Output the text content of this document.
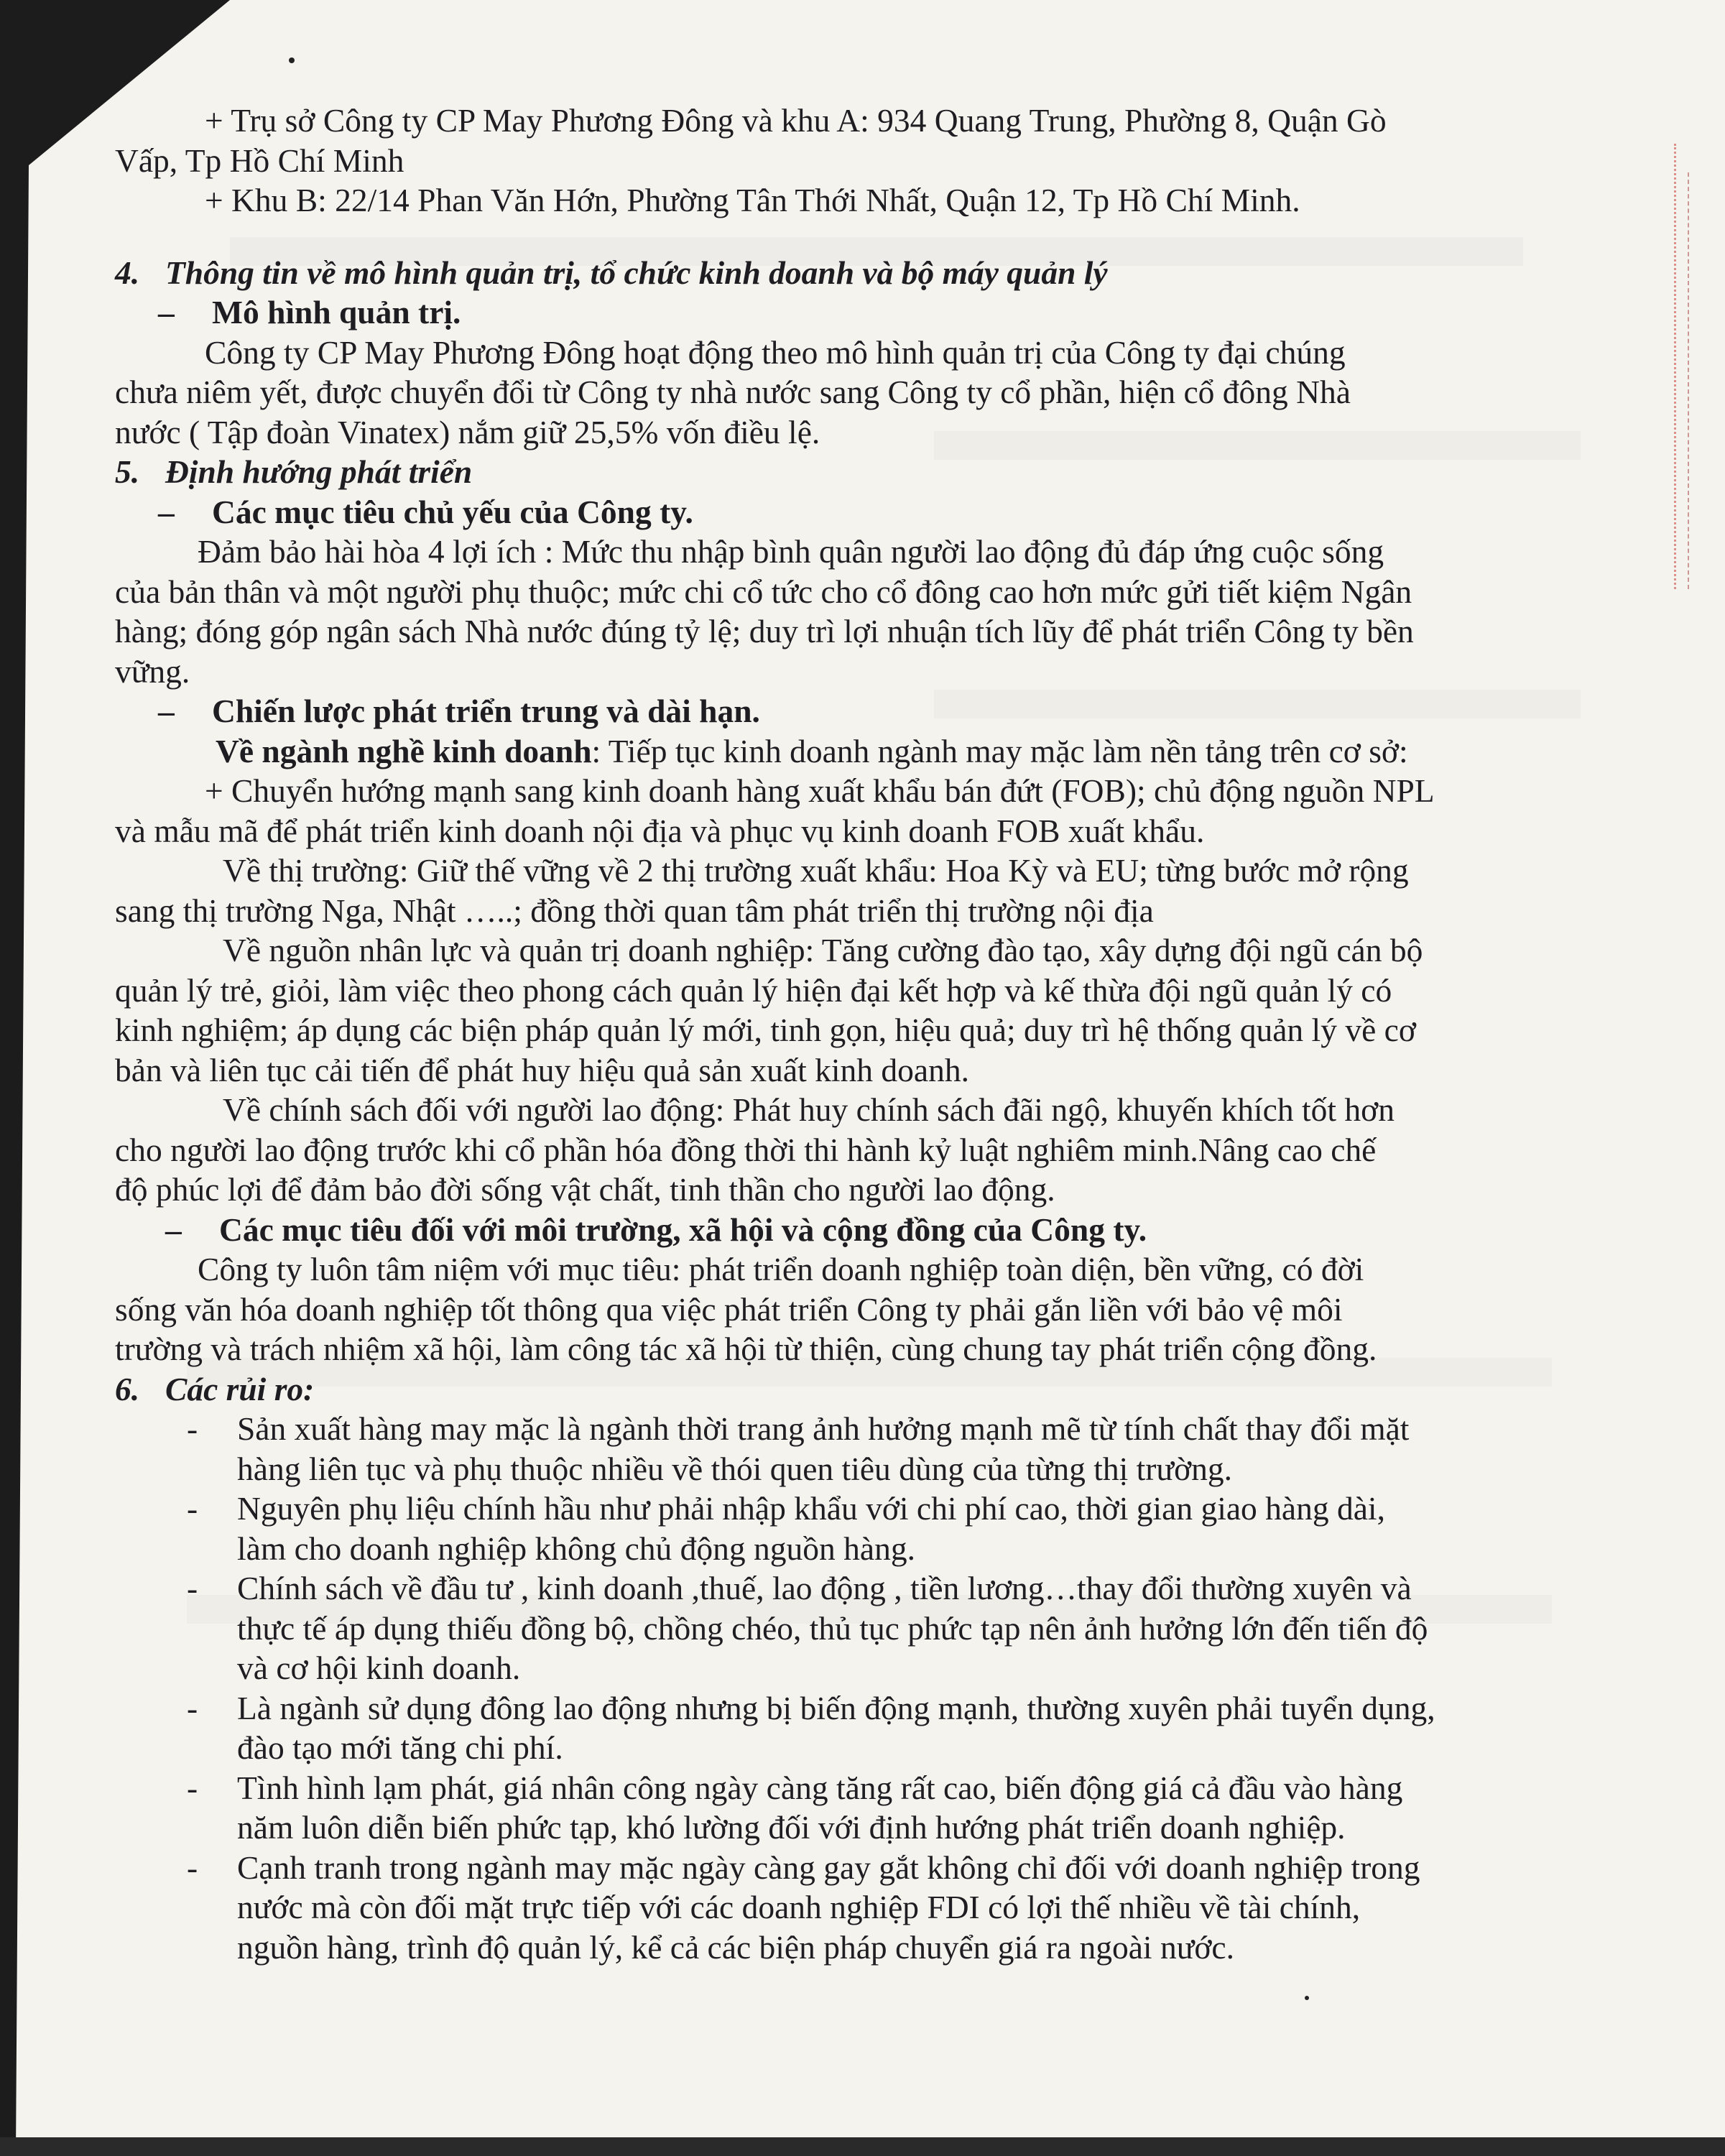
+ Trụ sở Công ty CP May Phương Đông và khu A: 934 Quang Trung, Phường 8, Quận Gò
Vấp, Tp Hồ Chí Minh
+ Khu B: 22/14 Phan Văn Hớn, Phường Tân Thới Nhất, Quận 12, Tp Hồ Chí Minh.
4. Thông tin về mô hình quản trị, tổ chức kinh doanh và bộ máy quản lý
– Mô hình quản trị.
Công ty CP May Phương Đông hoạt động theo mô hình quản trị của Công ty đại chúng
chưa niêm yết, được chuyển đổi từ Công ty nhà nước sang Công ty cổ phần, hiện cổ đông Nhà
nước ( Tập đoàn Vinatex) nắm giữ 25,5% vốn điều lệ.
5. Định hướng phát triển
– Các mục tiêu chủ yếu của Công ty.
Đảm bảo hài hòa 4 lợi ích : Mức thu nhập bình quân người lao động đủ đáp ứng cuộc sống
của bản thân và một người phụ thuộc; mức chi cổ tức cho cổ đông cao hơn mức gửi tiết kiệm Ngân
hàng; đóng góp ngân sách Nhà nước đúng tỷ lệ; duy trì lợi nhuận tích lũy để phát triển Công ty bền
vững.
– Chiến lược phát triển trung và dài hạn.
Về ngành nghề kinh doanh: Tiếp tục kinh doanh ngành may mặc làm nền tảng trên cơ sở:
+ Chuyển hướng mạnh sang kinh doanh hàng xuất khẩu bán đứt (FOB); chủ động nguồn NPL
và mẫu mã để phát triển kinh doanh nội địa và phục vụ kinh doanh FOB xuất khẩu.
Về thị trường: Giữ thế vững về 2 thị trường xuất khẩu: Hoa Kỳ và EU; từng bước mở rộng
sang thị trường Nga, Nhật …..; đồng thời quan tâm phát triển thị trường nội địa
Về nguồn nhân lực và quản trị doanh nghiệp: Tăng cường đào tạo, xây dựng đội ngũ cán bộ
quản lý trẻ, giỏi, làm việc theo phong cách quản lý hiện đại kết hợp và kế thừa đội ngũ quản lý có
kinh nghiệm; áp dụng các biện pháp quản lý mới, tinh gọn, hiệu quả; duy trì hệ thống quản lý về cơ
bản và liên tục cải tiến để phát huy hiệu quả sản xuất kinh doanh.
Về chính sách đối với người lao động: Phát huy chính sách đãi ngộ, khuyến khích tốt hơn
cho người lao động trước khi cổ phần hóa đồng thời thi hành kỷ luật nghiêm minh.Nâng cao chế
độ phúc lợi để đảm bảo đời sống vật chất, tinh thần cho người lao động.
– Các mục tiêu đối với môi trường, xã hội và cộng đồng của Công ty.
Công ty luôn tâm niệm với mục tiêu: phát triển doanh nghiệp toàn diện, bền vững, có đời
sống văn hóa doanh nghiệp tốt thông qua việc phát triển Công ty phải gắn liền với bảo vệ môi
trường và trách nhiệm xã hội, làm công tác xã hội từ thiện, cùng chung tay phát triển cộng đồng.
6. Các rủi ro:
-	Sản xuất hàng may mặc là ngành thời trang ảnh hưởng mạnh mẽ từ tính chất thay đổi mặt
hàng liên tục và phụ thuộc nhiều về thói quen tiêu dùng của từng thị trường.
-	Nguyên phụ liệu chính hầu như phải nhập khẩu với chi phí cao, thời gian giao hàng dài,
làm cho doanh nghiệp không chủ động nguồn hàng.
-	Chính sách về đầu tư , kinh doanh ,thuế, lao động , tiền lương…thay đổi thường xuyên và
thực tế áp dụng thiếu đồng bộ, chồng chéo, thủ tục phức tạp nên ảnh hưởng lớn đến tiến độ
và cơ hội kinh doanh.
-	Là ngành sử dụng đông lao động nhưng bị biến động mạnh, thường xuyên phải tuyển dụng,
đào tạo mới tăng chi phí.
-	Tình hình lạm phát, giá nhân công ngày càng tăng rất cao, biến động giá cả đầu vào hàng
năm luôn diễn biến phức tạp, khó lường đối với định hướng phát triển doanh nghiệp.
-	Cạnh tranh trong ngành may mặc ngày càng gay gắt không chỉ đối với doanh nghiệp trong
nước mà còn đối mặt trực tiếp với các doanh nghiệp FDI có lợi thế nhiều về tài chính,
nguồn hàng, trình độ quản lý, kể cả các biện pháp chuyển giá ra ngoài nước.
